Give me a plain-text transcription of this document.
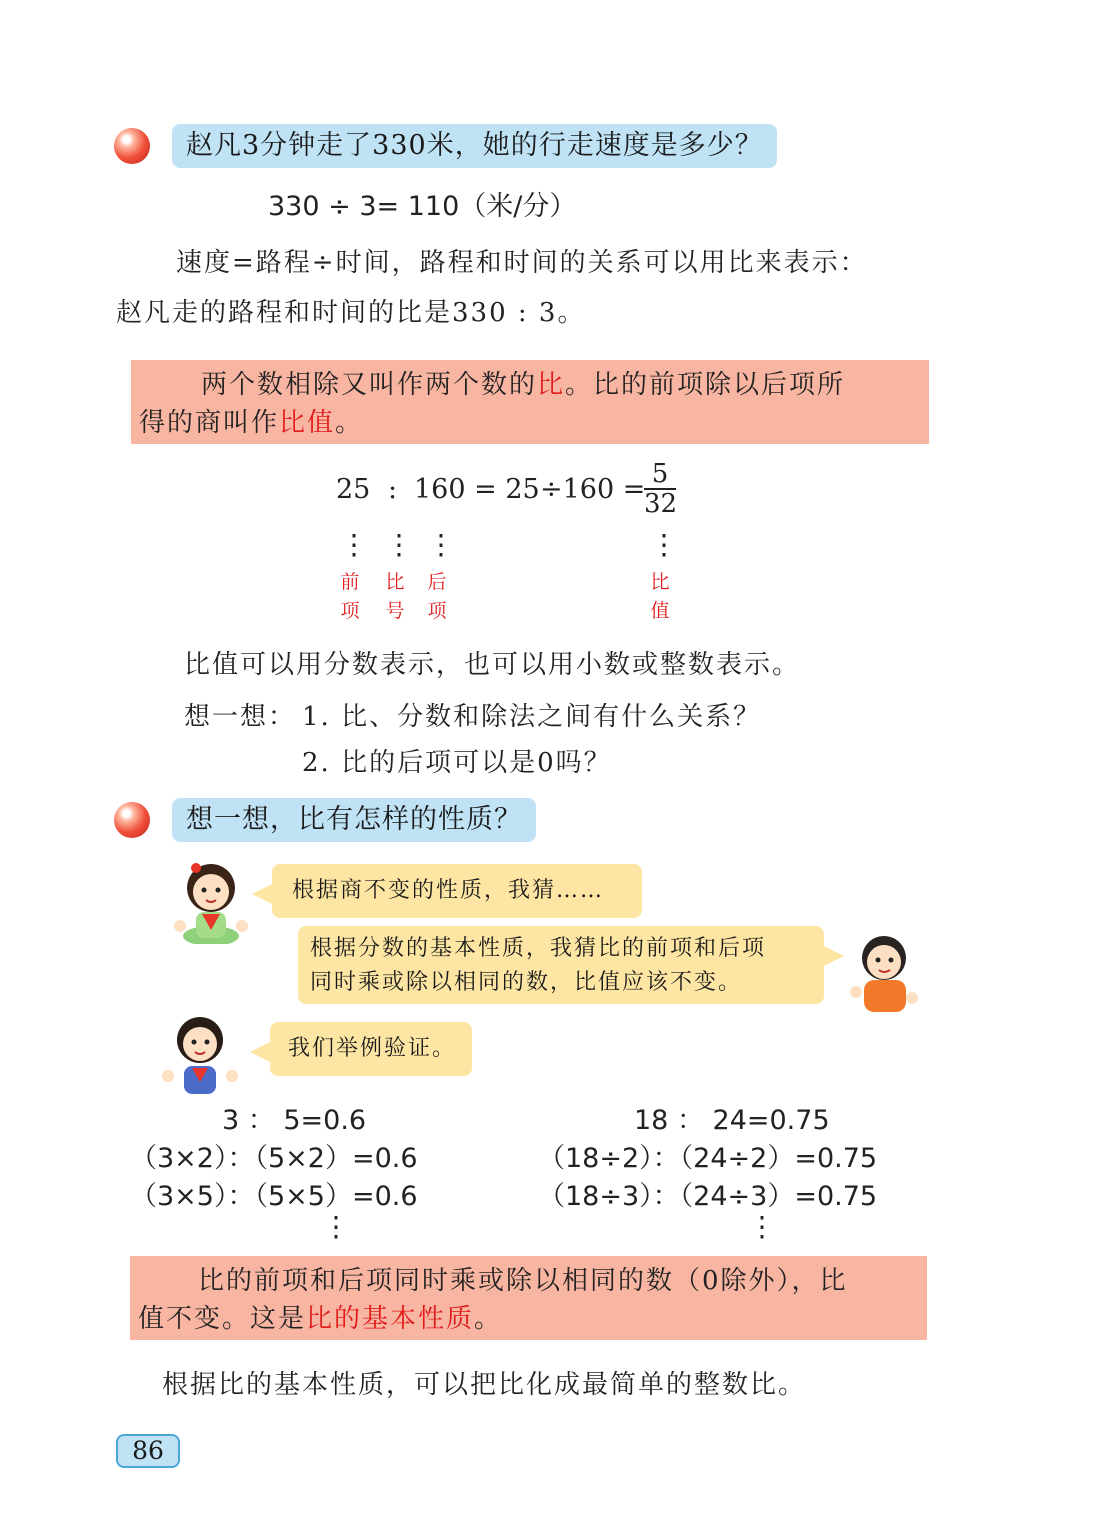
赵凡3分钟走了330米，她的行走速度是多少？
330 ÷ 3= 110（米/分）
速度=路程÷时间，路程和时间的关系可以用比来表示：
赵凡走的路程和时间的比是330 : 3。
两个数相除又叫作两个数的比。比的前项除以后项所
得的商叫作比值。
25 : 160 = 25 ÷160 =
$\frac{5}{32}$
⋮ ⋮ ⋮	⋮
前
项
比
号
后
项
比
值
比值可以用分数表示，也可以用小数或整数表示。
想一想： 1. 比、分数和除法之间有什么关系？
2. 比的后项可以是0吗？
想一想，比有怎样的性质？
根据商不变的性质，我猜……
根据分数的基本性质，我猜比的前项和后项
同时乘或除以相同的数，比值应该不变。
我们举例验证。
3 ： 5=0.6
（3×2）：（5×2）=0.6
（3×5）：（5×5）=0.6
⋮
18 ： 24=0.75
（18÷2）：（24÷2）=0.75
（18÷3）：（24÷3）=0.75
⋮
比的前项和后项同时乘或除以相同的数（0除外），比
值不变。这是比的基本性质。
根据比的基本性质，可以把比化成最简单的整数比。
86
